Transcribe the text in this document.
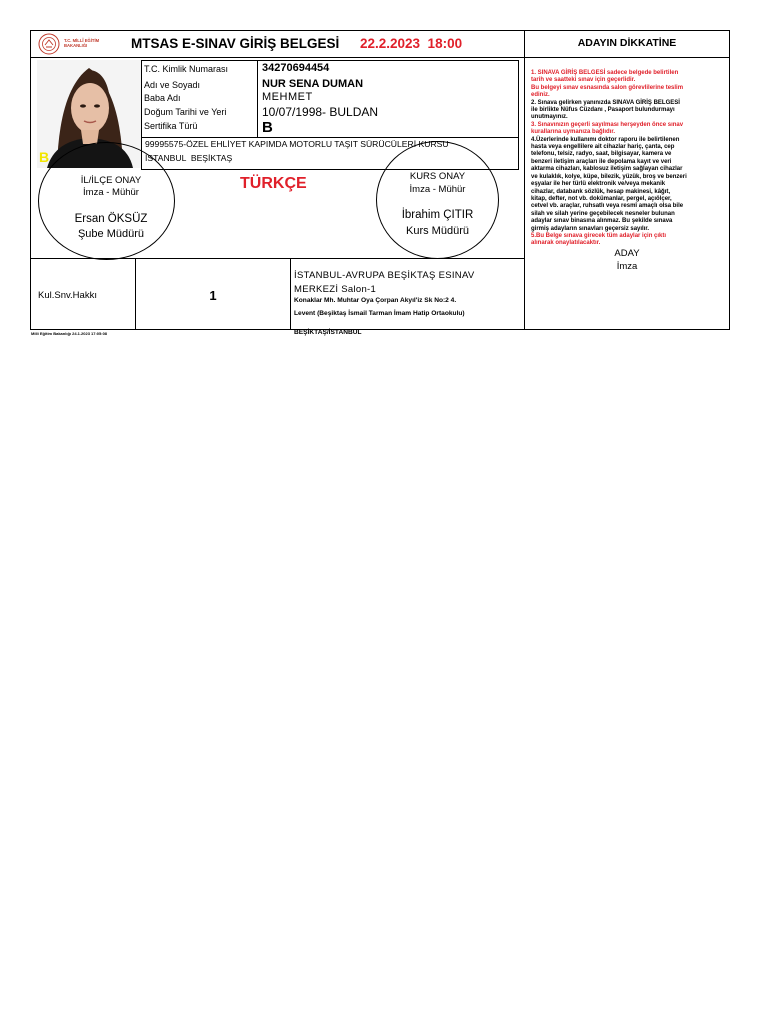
T.C. MİLLÎ EĞİTİM BAKANLIĞI	MTSAS E-SINAV GİRİŞ BELGESİ 22.2.2023  18:00	ADAYIN DİKKATİNE
B
T.C. Kimlik Numarası	34270694454
Adı ve Soyadı	NUR SENA DUMAN
Baba Adı	MEHMET
Doğum Tarihi ve Yeri	10/07/1998- BULDAN
Sertifika Türü	B
99995575-ÖZEL EHLİYET KAPIMDA MOTORLU TAŞIT SÜRÜCÜLERİ KURSU
İSTANBUL  BEŞİKTAŞ
İL/İLÇE ONAY
İmza - Mühür
Ersan ÖKSÜZ
Şube Müdürü
TÜRKÇE	KURS ONAY
İmza - Mühür
İbrahim ÇITIR
Kurs Müdürü
Kul.Snv.Hakkı	1
İSTANBUL-AVRUPA BEŞİKTAŞ ESINAV
MERKEZİ Salon-1
Konaklar Mh. Muhtar Oya Çorpan Akyıl'iz Sk No:2 4.
Levent (Beşiktaş İsmail Tarman İmam Hatip Ortaokulu)
BEŞİKTAŞ/İSTANBUL
1. SINAVA GİRİŞ BELGESİ sadece belgede belirtilen tarih ve saatteki sınav için geçerlidir.
Bu belgeyi sınav esnasında salon görevlilerine teslim ediniz.
2. Sınava gelirken yanınızda SINAVA GİRİŞ BELGESİ ile birlikte Nüfus Cüzdanı , Pasaport bulundurmayı unutmayınız.
3. Sınavınızın geçerli sayılması herşeyden önce sınav kurallarına uymanıza bağlıdır.
4.Üzerlerinde kullanımı doktor raporu ile belirtilenen hasta veya engellilere ait cihazlar hariç, çanta, cep telefonu, telsiz, radyo, saat, bilgisayar, kamera ve benzeri iletişim araçları ile depolama kayıt ve veri aktarma cihazları, kablosuz iletişim sağlayan cihazlar ve kulaklık, kolye, küpe, bilezik, yüzük, broş ve benzeri eşyalar ile her türlü elektronik ve/veya mekanik cihazlar, databank sözlük, hesap makinesi, kâğıt, kitap, defter, not vb. dokümanlar, pergel, açıölçer, cetvel vb. araçlar, ruhsatlı veya resmî amaçlı olsa bile silah ve silah yerine geçebilecek nesneler bulunan adaylar sınav binasına alınmaz. Bu şekilde sınava girmiş adayların sınavları geçersiz sayılır.
5.Bu Belge sınava girecek tüm adaylar için çıktı alınarak onaylatılacaktır.
ADAY
İmza
Milli Eğitim Bakanlığı 24.1.2023 17:05:08
